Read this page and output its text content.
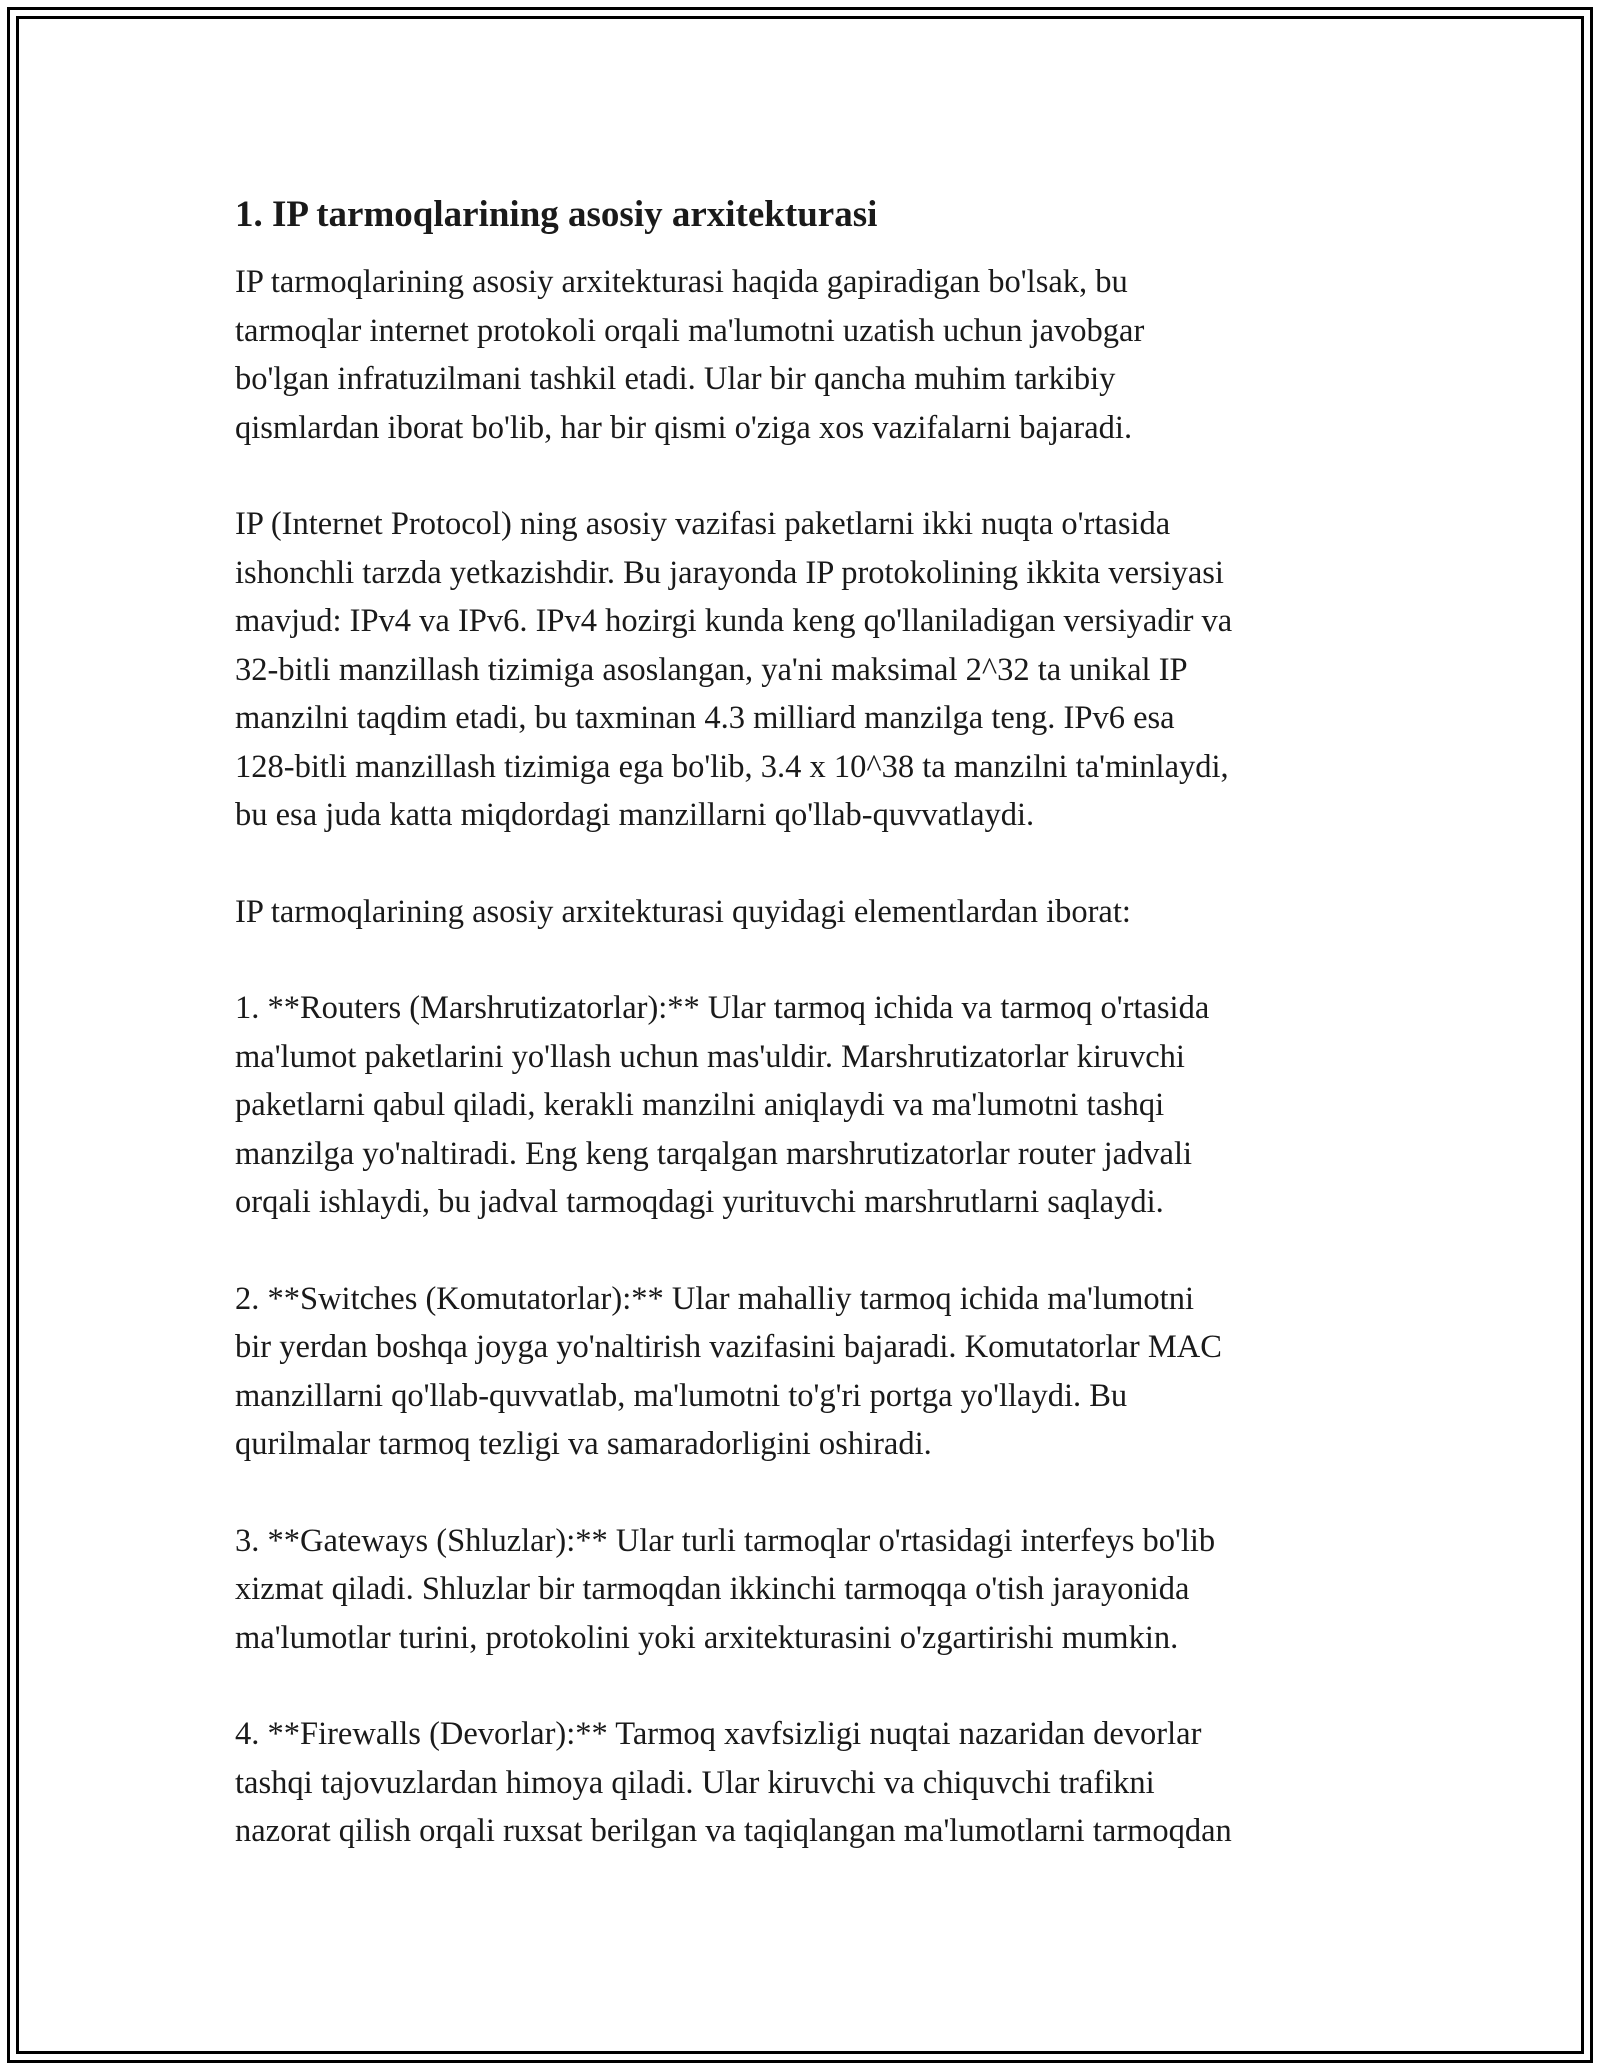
1. IP tarmoqlarining asosiy arxitekturasi

IP tarmoqlarining asosiy arxitekturasi haqida gapiradigan bo'lsak, bu
tarmoqlar internet protokoli orqali ma'lumotni uzatish uchun javobgar
bo'lgan infratuzilmani tashkil etadi. Ular bir qancha muhim tarkibiy
qismlardan iborat bo'lib, har bir qismi o'ziga xos vazifalarni bajaradi.

IP (Internet Protocol) ning asosiy vazifasi paketlarni ikki nuqta o'rtasida
ishonchli tarzda yetkazishdir. Bu jarayonda IP protokolining ikkita versiyasi
mavjud: IPv4 va IPv6. IPv4 hozirgi kunda keng qo'llaniladigan versiyadir va
32-bitli manzillash tizimiga asoslangan, ya'ni maksimal 2^32 ta unikal IP
manzilni taqdim etadi, bu taxminan 4.3 milliard manzilga teng. IPv6 esa
128-bitli manzillash tizimiga ega bo'lib, 3.4 x 10^38 ta manzilni ta'minlaydi,
bu esa juda katta miqdordagi manzillarni qo'llab-quvvatlaydi.

IP tarmoqlarining asosiy arxitekturasi quyidagi elementlardan iborat:

1. **Routers (Marshrutizatorlar):** Ular tarmoq ichida va tarmoq o'rtasida
ma'lumot paketlarini yo'llash uchun mas'uldir. Marshrutizatorlar kiruvchi
paketlarni qabul qiladi, kerakli manzilni aniqlaydi va ma'lumotni tashqi
manzilga yo'naltiradi. Eng keng tarqalgan marshrutizatorlar router jadvali
orqali ishlaydi, bu jadval tarmoqdagi yurituvchi marshrutlarni saqlaydi.

2. **Switches (Komutatorlar):** Ular mahalliy tarmoq ichida ma'lumotni
bir yerdan boshqa joyga yo'naltirish vazifasini bajaradi. Komutatorlar MAC
manzillarni qo'llab-quvvatlab, ma'lumotni to'g'ri portga yo'llaydi. Bu
qurilmalar tarmoq tezligi va samaradorligini oshiradi.

3. **Gateways (Shluzlar):** Ular turli tarmoqlar o'rtasidagi interfeys bo'lib
xizmat qiladi. Shluzlar bir tarmoqdan ikkinchi tarmoqqa o'tish jarayonida
ma'lumotlar turini, protokolini yoki arxitekturasini o'zgartirishi mumkin.

4. **Firewalls (Devorlar):** Tarmoq xavfsizligi nuqtai nazaridan devorlar
tashqi tajovuzlardan himoya qiladi. Ular kiruvchi va chiquvchi trafikni
nazorat qilish orqali ruxsat berilgan va taqiqlangan ma'lumotlarni tarmoqdan
